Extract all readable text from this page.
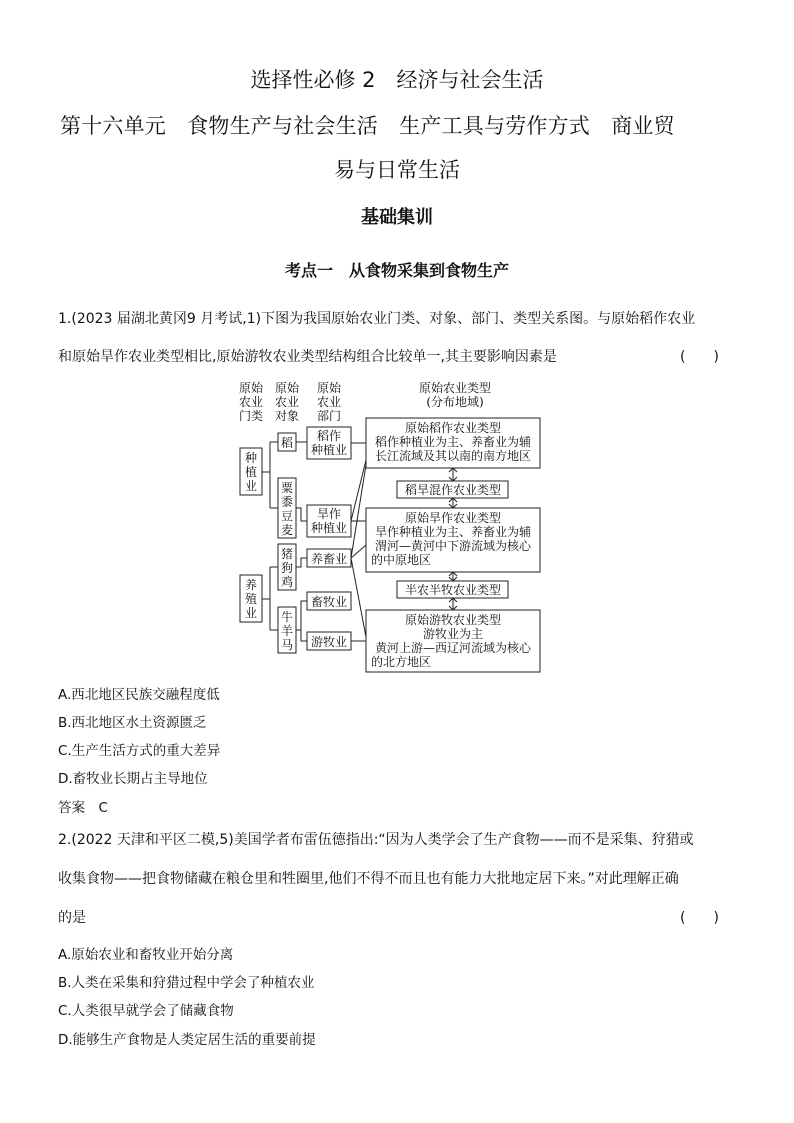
选择性必修 2　经济与社会生活
第十六单元　食物生产与社会生活　生产工具与劳作方式　商业贸
易与日常生活
基础集训
考点一　从食物采集到食物生产
1.(2023 届湖北黄冈9 月考试,1)下图为我国原始农业门类、对象、部门、类型关系图。与原始稻作农业
和原始旱作农业类型相比,原始游牧农业类型结构组合比较单一,其主要影响因素是	(　　)
原始
农业
门类
原始
农业
对象
原始
农业
部门
原始农业类型
(分布地域)
种
植
业
养
殖
业
稻
粟
黍
豆
麦
猪
狗
鸡
牛
羊
马
稻作
种植业
旱作
种植业
养畜业
畜牧业
游牧业
原始稻作农业类型
稻作种植业为主、养畜业为辅
长江流域及其以南的南方地区
稻旱混作农业类型
原始旱作农业类型
旱作种植业为主、养畜业为辅
渭河—黄河中下游流域为核心
的中原地区
半农半牧农业类型
原始游牧农业类型
游牧业为主
黄河上游—西辽河流域为核心
的北方地区
A.西北地区民族交融程度低
B.西北地区水土资源匮乏
C.生产生活方式的重大差异
D.畜牧业长期占主导地位
答案　C
2.(2022 天津和平区二模,5)美国学者布雷伍德指出:“因为人类学会了生产食物——而不是采集、狩猎或
收集食物——把食物储藏在粮仓里和牲圈里,他们不得不而且也有能力大批地定居下来。”对此理解正确
的是	(　　)
A.原始农业和畜牧业开始分离
B.人类在采集和狩猎过程中学会了种植农业
C.人类很早就学会了储藏食物
D.能够生产食物是人类定居生活的重要前提
